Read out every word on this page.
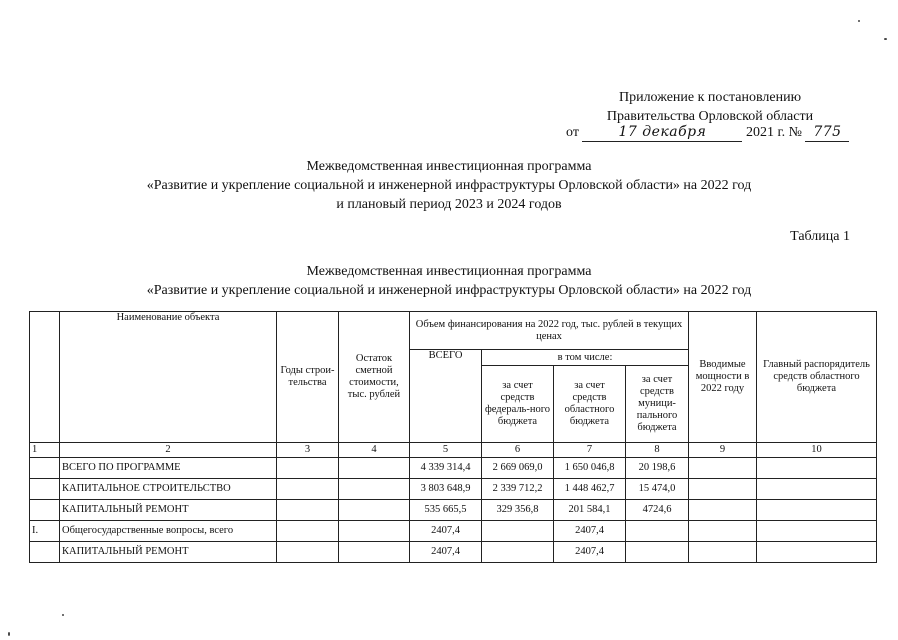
Приложение к постановлению
Правительства Орловской области
от	17 декабря	2021 г. № 775
Межведомственная инвестиционная программа
«Развитие и укрепление социальной и инженерной инфраструктуры Орловской области» на 2022 год
и плановый период 2023 и 2024 годов
Таблица 1
Межведомственная инвестиционная программа
«Развитие и укрепление социальной и инженерной инфраструктуры Орловской области» на 2022 год
	Наименование объекта	Годы строи-тельства	Остаток сметной стоимости, тыс. рублей	Объем финансирования на 2022 год, тыс. рублей в текущих ценах				Вводимые мощности в 2022 году	Главный распорядитель средств областного бюджета
				ВСЕГО	в том числе:				
					за счет средств федераль-ного бюджета	за счет средств областного бюджета	за счет средств муници-пального бюджета		
1	2	3	4	5	6	7	8	9	10
	ВСЕГО ПО ПРОГРАММЕ			4 339 314,4	2 669 069,0	1 650 046,8	20 198,6		
	КАПИТАЛЬНОЕ СТРОИТЕЛЬСТВО			3 803 648,9	2 339 712,2	1 448 462,7	15 474,0		
	КАПИТАЛЬНЫЙ РЕМОНТ			535 665,5	329 356,8	201 584,1	4724,6		
I.	Общегосударственные вопросы, всего			2407,4		2407,4			
	КАПИТАЛЬНЫЙ РЕМОНТ			2407,4		2407,4			
